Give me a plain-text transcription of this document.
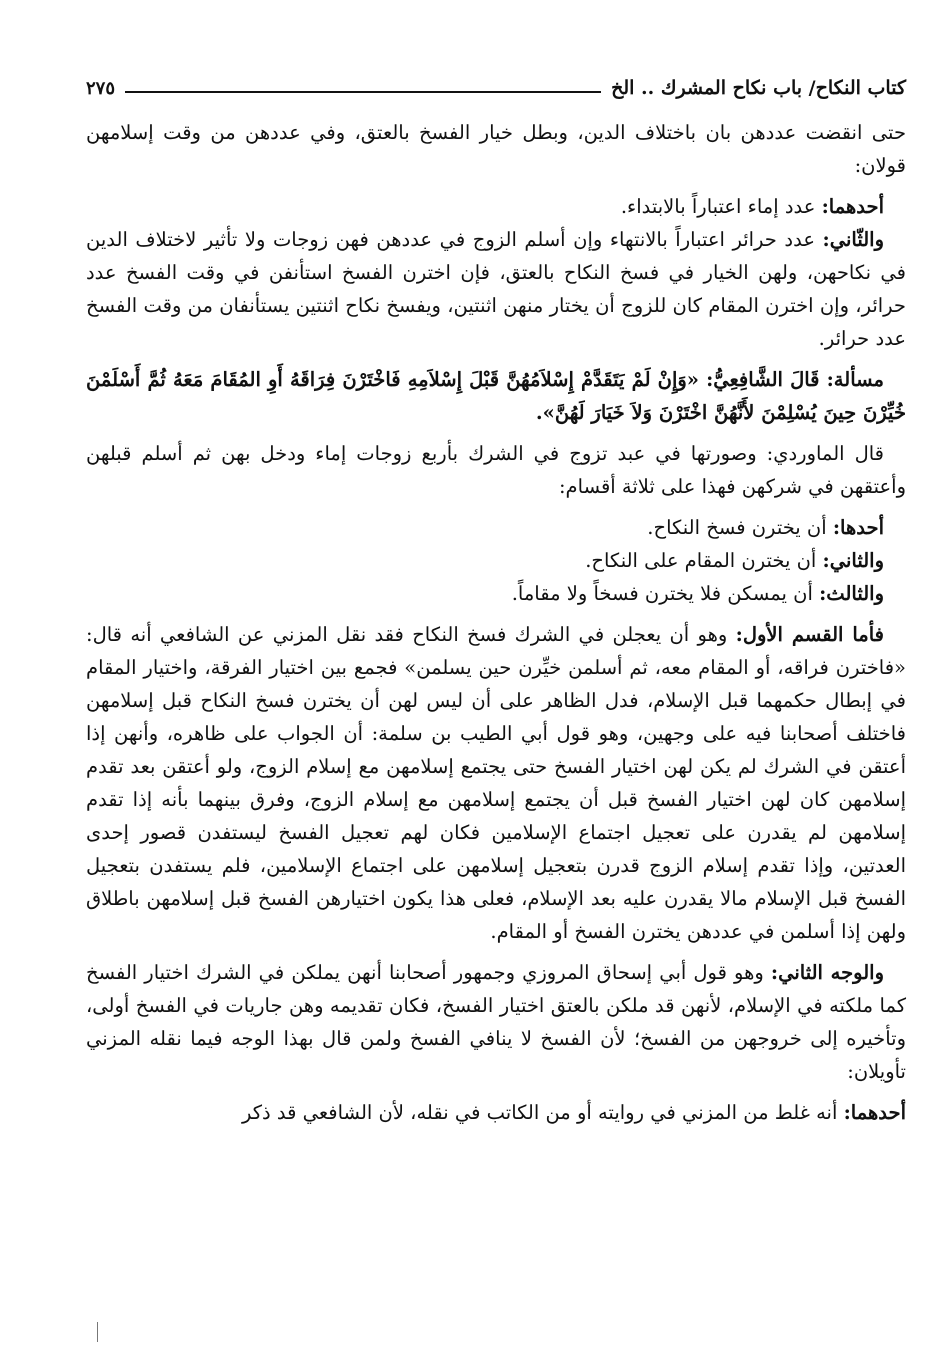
كتاب النكاح/ باب نكاح المشرك .. الخ
٢٧٥

حتى انقضت عددهن بان باختلاف الدين، وبطل خيار الفسخ بالعتق، وفي عددهن من وقت إسلامهن قولان:

أحدهما: عدد إماء اعتباراً بالابتداء.

والثّاني: عدد حرائر اعتباراً بالانتهاء وإن أسلم الزوج في عددهن فهن زوجات ولا تأثير لاختلاف الدين في نكاحهن، ولهن الخيار في فسخ النكاح بالعتق، فإن اخترن الفسخ استأنفن في وقت الفسخ عدد حرائر، وإن اخترن المقام كان للزوج أن يختار منهن اثنتين، ويفسخ نكاح اثنتين يستأنفان من وقت الفسخ عدد حرائر.

مسألة: قَالَ الشَّافِعِيُّ: «وَإِنْ لَمْ يَتَقَدَّمْ إِسْلاَمُهُنَّ قَبْلَ إِسْلاَمِهِ فَاخْتَرْنَ فِرَاقَهُ أَوِ المُقَامَ مَعَهُ ثُمَّ أَسْلَمْنَ خُيِّرْنَ حِينَ يُسْلِمْنَ لأَنَّهُنَّ اخْتَرْنَ وَلاَ خَيَارَ لَهُنَّ».

قال الماوردي: وصورتها في عبد تزوج في الشرك بأربع زوجات إماء ودخل بهن ثم أسلم قبلهن وأعتقهن في شركهن فهذا على ثلاثة أقسام:

أحدها: أن يخترن فسخ النكاح.

والثاني: أن يخترن المقام على النكاح.

والثالث: أن يمسكن فلا يخترن فسخاً ولا مقاماً.

فأما القسم الأول: وهو أن يعجلن في الشرك فسخ النكاح فقد نقل المزني عن الشافعي أنه قال: «فاخترن فراقه، أو المقام معه، ثم أسلمن خيِّرن حين يسلمن» فجمع بين اختيار الفرقة، واختيار المقام في إبطال حكمهما قبل الإسلام، فدل الظاهر على أن ليس لهن أن يخترن فسخ النكاح قبل إسلامهن فاختلف أصحابنا فيه على وجهين، وهو قول أبي الطيب بن سلمة: أن الجواب على ظاهره، وأنهن إذا أعتقن في الشرك لم يكن لهن اختيار الفسخ حتى يجتمع إسلامهن مع إسلام الزوج، ولو أعتقن بعد تقدم إسلامهن كان لهن اختيار الفسخ قبل أن يجتمع إسلامهن مع إسلام الزوج، وفرق بينهما بأنه إذا تقدم إسلامهن لم يقدرن على تعجيل اجتماع الإسلامين فكان لهم تعجيل الفسخ ليستفدن قصور إحدى العدتين، وإذا تقدم إسلام الزوج قدرن بتعجيل إسلامهن على اجتماع الإسلامين، فلم يستفدن بتعجيل الفسخ قبل الإسلام مالا يقدرن عليه بعد الإسلام، فعلى هذا يكون اختيارهن الفسخ قبل إسلامهن باطلاق ولهن إذا أسلمن في عددهن يخترن الفسخ أو المقام.

والوجه الثاني: وهو قول أبي إسحاق المروزي وجمهور أصحابنا أنهن يملكن في الشرك اختيار الفسخ كما ملكته في الإسلام، لأنهن قد ملكن بالعتق اختيار الفسخ، فكان تقديمه وهن جاريات في الفسخ أولى، وتأخيره إلى خروجهن من الفسخ؛ لأن الفسخ لا ينافي الفسخ ولمن قال بهذا الوجه فيما نقله المزني تأويلان:

أحدهما: أنه غلط من المزني في روايته أو من الكاتب في نقله، لأن الشافعي قد ذكر
